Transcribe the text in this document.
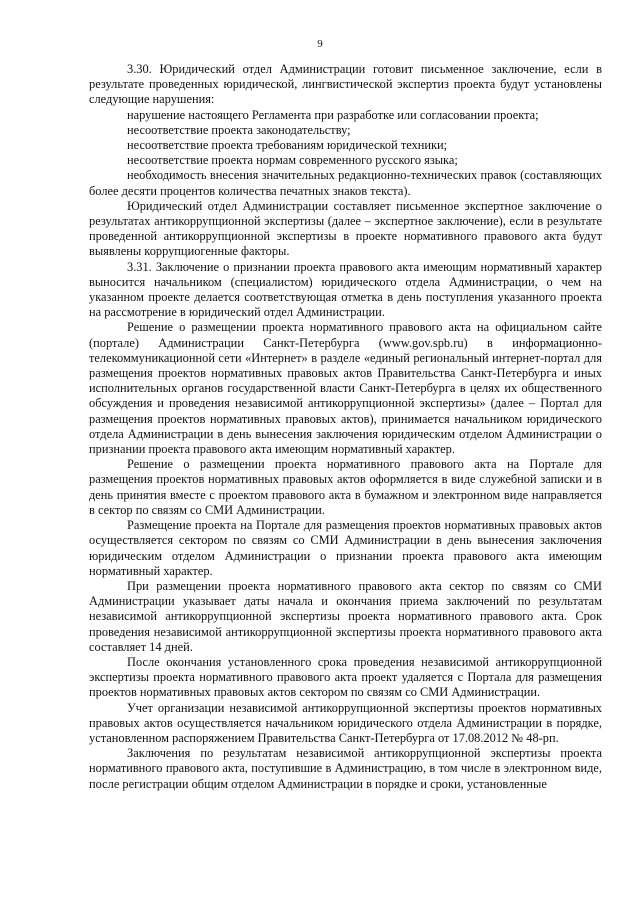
9

3.30. Юридический отдел Администрации готовит письменное заключение, если в результате проведенных юридической, лингвистической экспертиз проекта будут установлены следующие нарушения:

нарушение настоящего Регламента при разработке или согласовании проекта;

несоответствие проекта законодательству;

несоответствие проекта требованиям юридической техники;

несоответствие проекта нормам современного русского языка;

необходимость внесения значительных редакционно-технических правок (составляющих более десяти процентов количества печатных знаков текста).

Юридический отдел Администрации составляет письменное экспертное заключение о результатах антикоррупционной экспертизы (далее – экспертное заключение), если в результате проведенной антикоррупционной экспертизы в проекте нормативного правового акта будут выявлены коррупциогенные факторы.

3.31. Заключение о признании проекта правового акта имеющим нормативный характер выносится начальником (специалистом) юридического отдела Администрации, о чем на указанном проекте делается соответствующая отметка в день поступления указанного проекта на рассмотрение в юридический отдел Администрации.

Решение о размещении проекта нормативного правового акта на официальном сайте (портале) Администрации Санкт-Петербурга (www.gov.spb.ru) в информационно-телекоммуникационной сети «Интернет» в разделе «единый региональный интернет-портал для размещения проектов нормативных правовых актов Правительства Санкт-Петербурга и иных исполнительных органов государственной власти Санкт-Петербурга в целях их общественного обсуждения и проведения независимой антикоррупционной экспертизы» (далее – Портал для размещения проектов нормативных правовых актов), принимается начальником юридического отдела Администрации в день вынесения заключения юридическим отделом Администрации о признании проекта правового акта имеющим нормативный характер.

Решение о размещении проекта нормативного правового акта на Портале для размещения проектов нормативных правовых актов оформляется в виде служебной записки и в день принятия вместе с проектом правового акта в бумажном и электронном виде направляется в сектор по связям со СМИ Администрации.

Размещение проекта на Портале для размещения проектов нормативных правовых актов осуществляется сектором по связям со СМИ Администрации в день вынесения заключения юридическим отделом Администрации о признании проекта правового акта имеющим нормативный характер.

При размещении проекта нормативного правового акта сектор по связям со СМИ Администрации указывает даты начала и окончания приема заключений по результатам независимой антикоррупционной экспертизы проекта нормативного правового акта. Срок проведения независимой антикоррупционной экспертизы проекта нормативного правового акта составляет 14 дней.

После окончания установленного срока проведения независимой антикоррупционной экспертизы проекта нормативного правового акта проект удаляется с Портала для размещения проектов нормативных правовых актов сектором по связям со СМИ Администрации.

Учет организации независимой антикоррупционной экспертизы проектов нормативных правовых актов осуществляется начальником юридического отдела Администрации в порядке, установленном распоряжением Правительства Санкт-Петербурга от 17.08.2012 № 48-рп.

Заключения по результатам независимой антикоррупционной экспертизы проекта нормативного правового акта, поступившие в Администрацию, в том числе в электронном виде, после регистрации общим отделом Администрации в порядке и сроки, установленные
